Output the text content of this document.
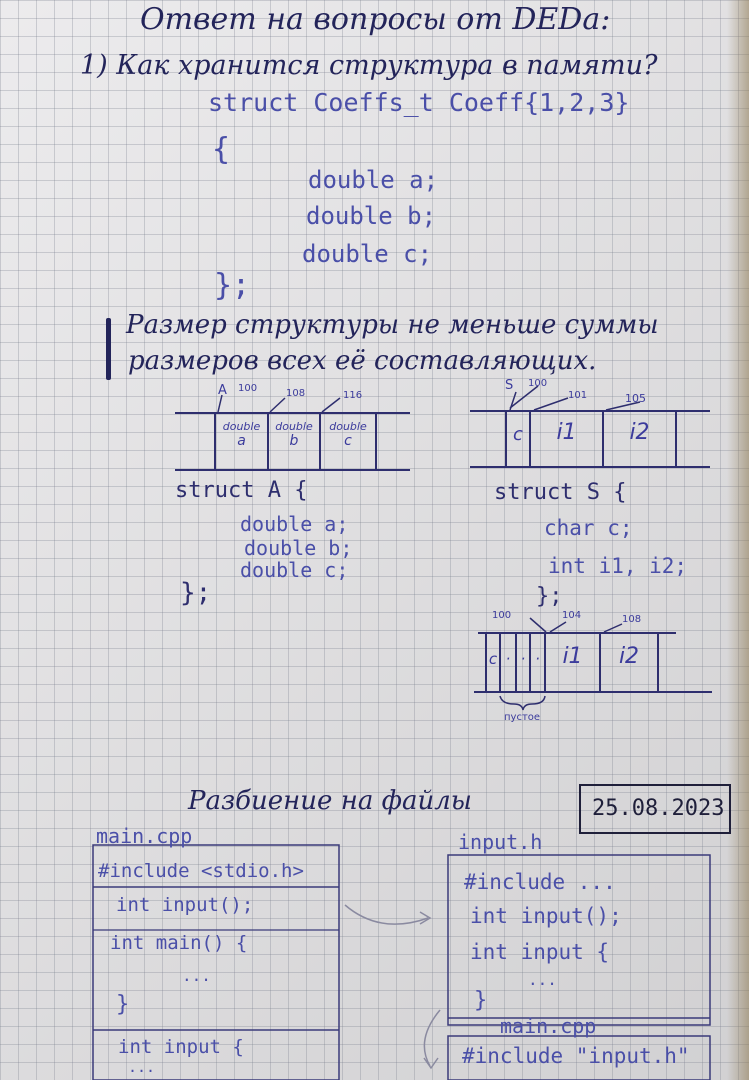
Ответ на вопросы от DEDа:
1) Как хранится структура в памяти?
struct Coeffs_t Coeff{1,2,3}
{
double a;
double b;
double c;
};
Размер структуры не меньше суммы
размеров всех её составляющих.
A 100	108	116
double
a
double
b
double
c
struct A {
double a;
double b;
double c;
};
S 100
101	105
c	i1	i2
struct S {
char c;
int i1, i2;
};
100	104	108
c · · ·	i1	i2
пустое
Разбиение на файлы	25.08.2023
main.cpp
#include <stdio.h>
int input();
int main() {
...
}
int input {
...
input.h
#include ...
int input();
int input {
...
}
main.cpp
#include "input.h"
